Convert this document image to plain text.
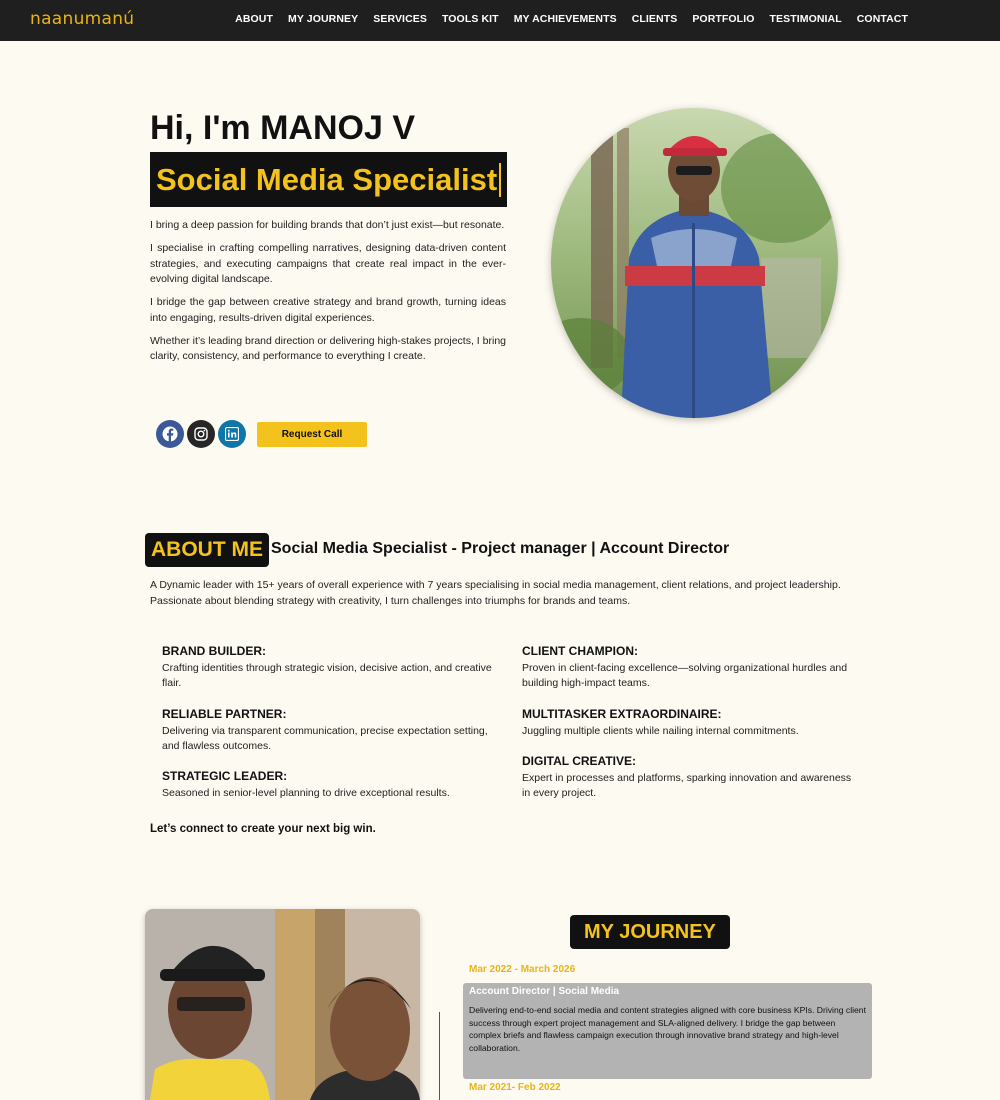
naanumanú	ABOUT MY JOURNEY SERVICES TOOLS KIT MY ACHIEVEMENTS CLIENTS PORTFOLIO TESTIMONIAL CONTACT
Hi, I'm MANOJ V
Social Media Specialist

I bring a deep passion for building brands that don’t just exist—but resonate.

I specialise in crafting compelling narratives, designing data-driven content strategies, and executing campaigns that create real impact in the ever-evolving digital landscape.

I bridge the gap between creative strategy and brand growth, turning ideas into engaging, results-driven digital experiences.

Whether it’s leading brand direction or delivering high-stakes projects, I bring clarity, consistency, and performance to everything I create.

Request Call
ABOUT ME Social Media Specialist - Project manager | Account Director

A Dynamic leader with 15+ years of overall experience with 7 years specialising in social media management, client relations, and project leadership. Passionate about blending strategy with creativity, I turn challenges into triumphs for brands and teams.

BRAND BUILDER:

Crafting identities through strategic vision, decisive action, and creative flair.

RELIABLE PARTNER:

Delivering via transparent communication, precise expectation setting, and flawless outcomes.

STRATEGIC LEADER:

Seasoned in senior-level planning to drive exceptional results.

CLIENT CHAMPION:

Proven in client-facing excellence—solving organizational hurdles and building high-impact teams.

MULTITASKER EXTRAORDINAIRE:

Juggling multiple clients while nailing internal commitments.

DIGITAL CREATIVE:

Expert in processes and platforms, sparking innovation and awareness in every project.

Let’s connect to create your next big win.
MY JOURNEY
Mar 2022 - March 2026
Account Director | Social Media
Delivering end-to-end social media and content strategies aligned with core business KPIs. Driving client success through expert project management and SLA-aligned delivery. I bridge the gap between complex briefs and flawless campaign execution through innovative brand strategy and high-level collaboration.
Mar 2021- Feb 2022
